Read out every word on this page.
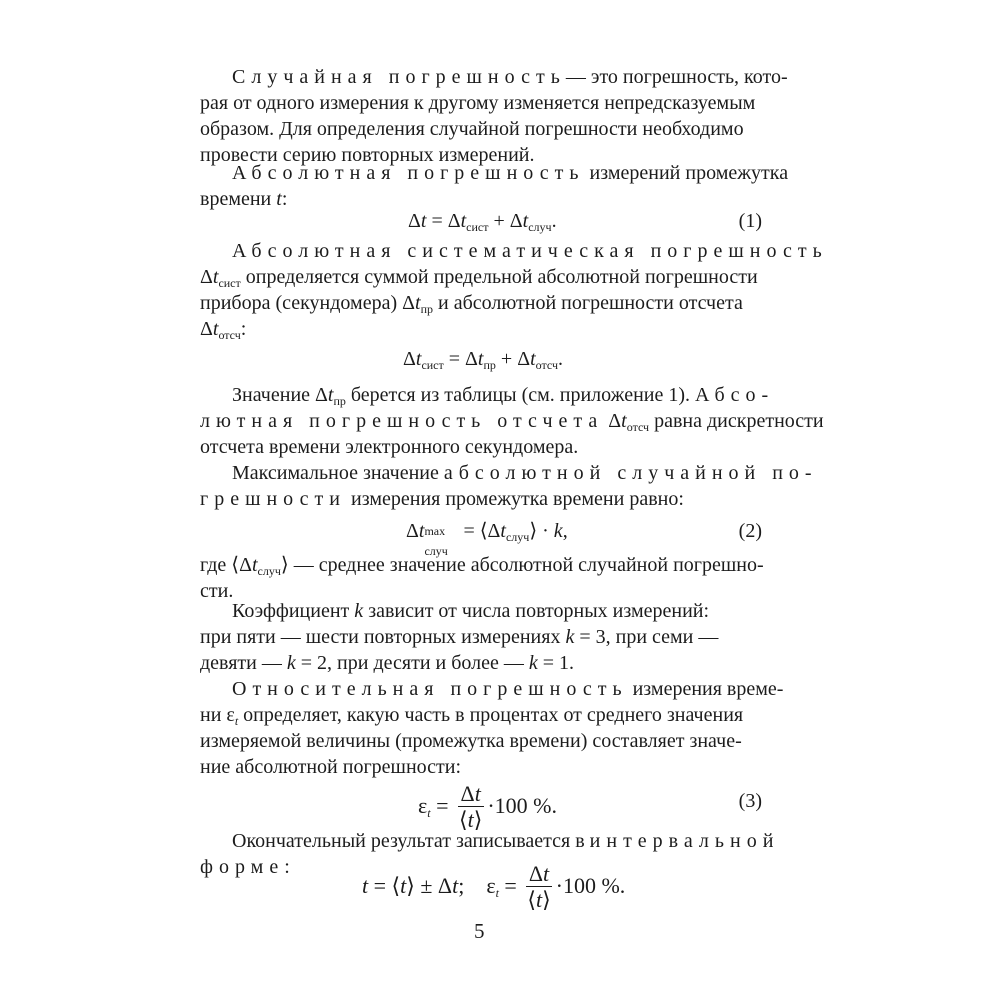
Случайная погрешность— это погрешность, кото-
рая от одного измерения к другому изменяется непредсказуемым
образом. Для определения случайной погрешности необходимо
провести серию повторных измерений.
Абсолютная погрешность измерений промежутка
времени t:
$\Delta t = \Delta t_{сист} + \Delta t_{случ}$.	(1)
Абсолютная систематическая погрешность
$\Delta t_{сист}$ определяется суммой предельной абсолютной погрешности
прибора (секундомера) $\Delta t_{пр}$ и абсолютной погрешности отсчета
$\Delta t_{отсч}$:
$\Delta t_{сист} = \Delta t_{пр} + \Delta t_{отсч}$.
Значение $\Delta t_{пр}$ берется из таблицы (см. приложение 1). Абсо-
лютная погрешность отсчета $\Delta t_{отсч}$ равна дискретности
отсчета времени электронного секундомера.
Максимальное значение абсолютной случайной по-
грешности измерения промежутка времени равно:
Δt max
случ
= $⟨\Delta t_{случ}⟩ \cdot k$,	(2)
где $⟨\Delta t_{случ}⟩$ — среднее значение абсолютной случайной погрешно-
сти.
Коэффициент k зависит от числа повторных измерений:
при пяти — шести повторных измерениях k = 3, при семи —
девяти — k = 2, при десяти и более — k = 1.
Относительная погрешность измерения време-
ни $\varepsilon_t$ определяет, какую часть в процентах от среднего значения
измеряемой величины (промежутка времени) составляет значе-
ние абсолютной погрешности:
$\varepsilon_t = \frac{\Delta t}{⟨t⟩} \cdot 100$ %.	(3)
Окончательный результат записывается в интервальной
форме:
t = ⟨t⟩ ± Δt;    $\varepsilon_t = \frac{\Delta t}{⟨t⟩} \cdot 100$ %.
5
